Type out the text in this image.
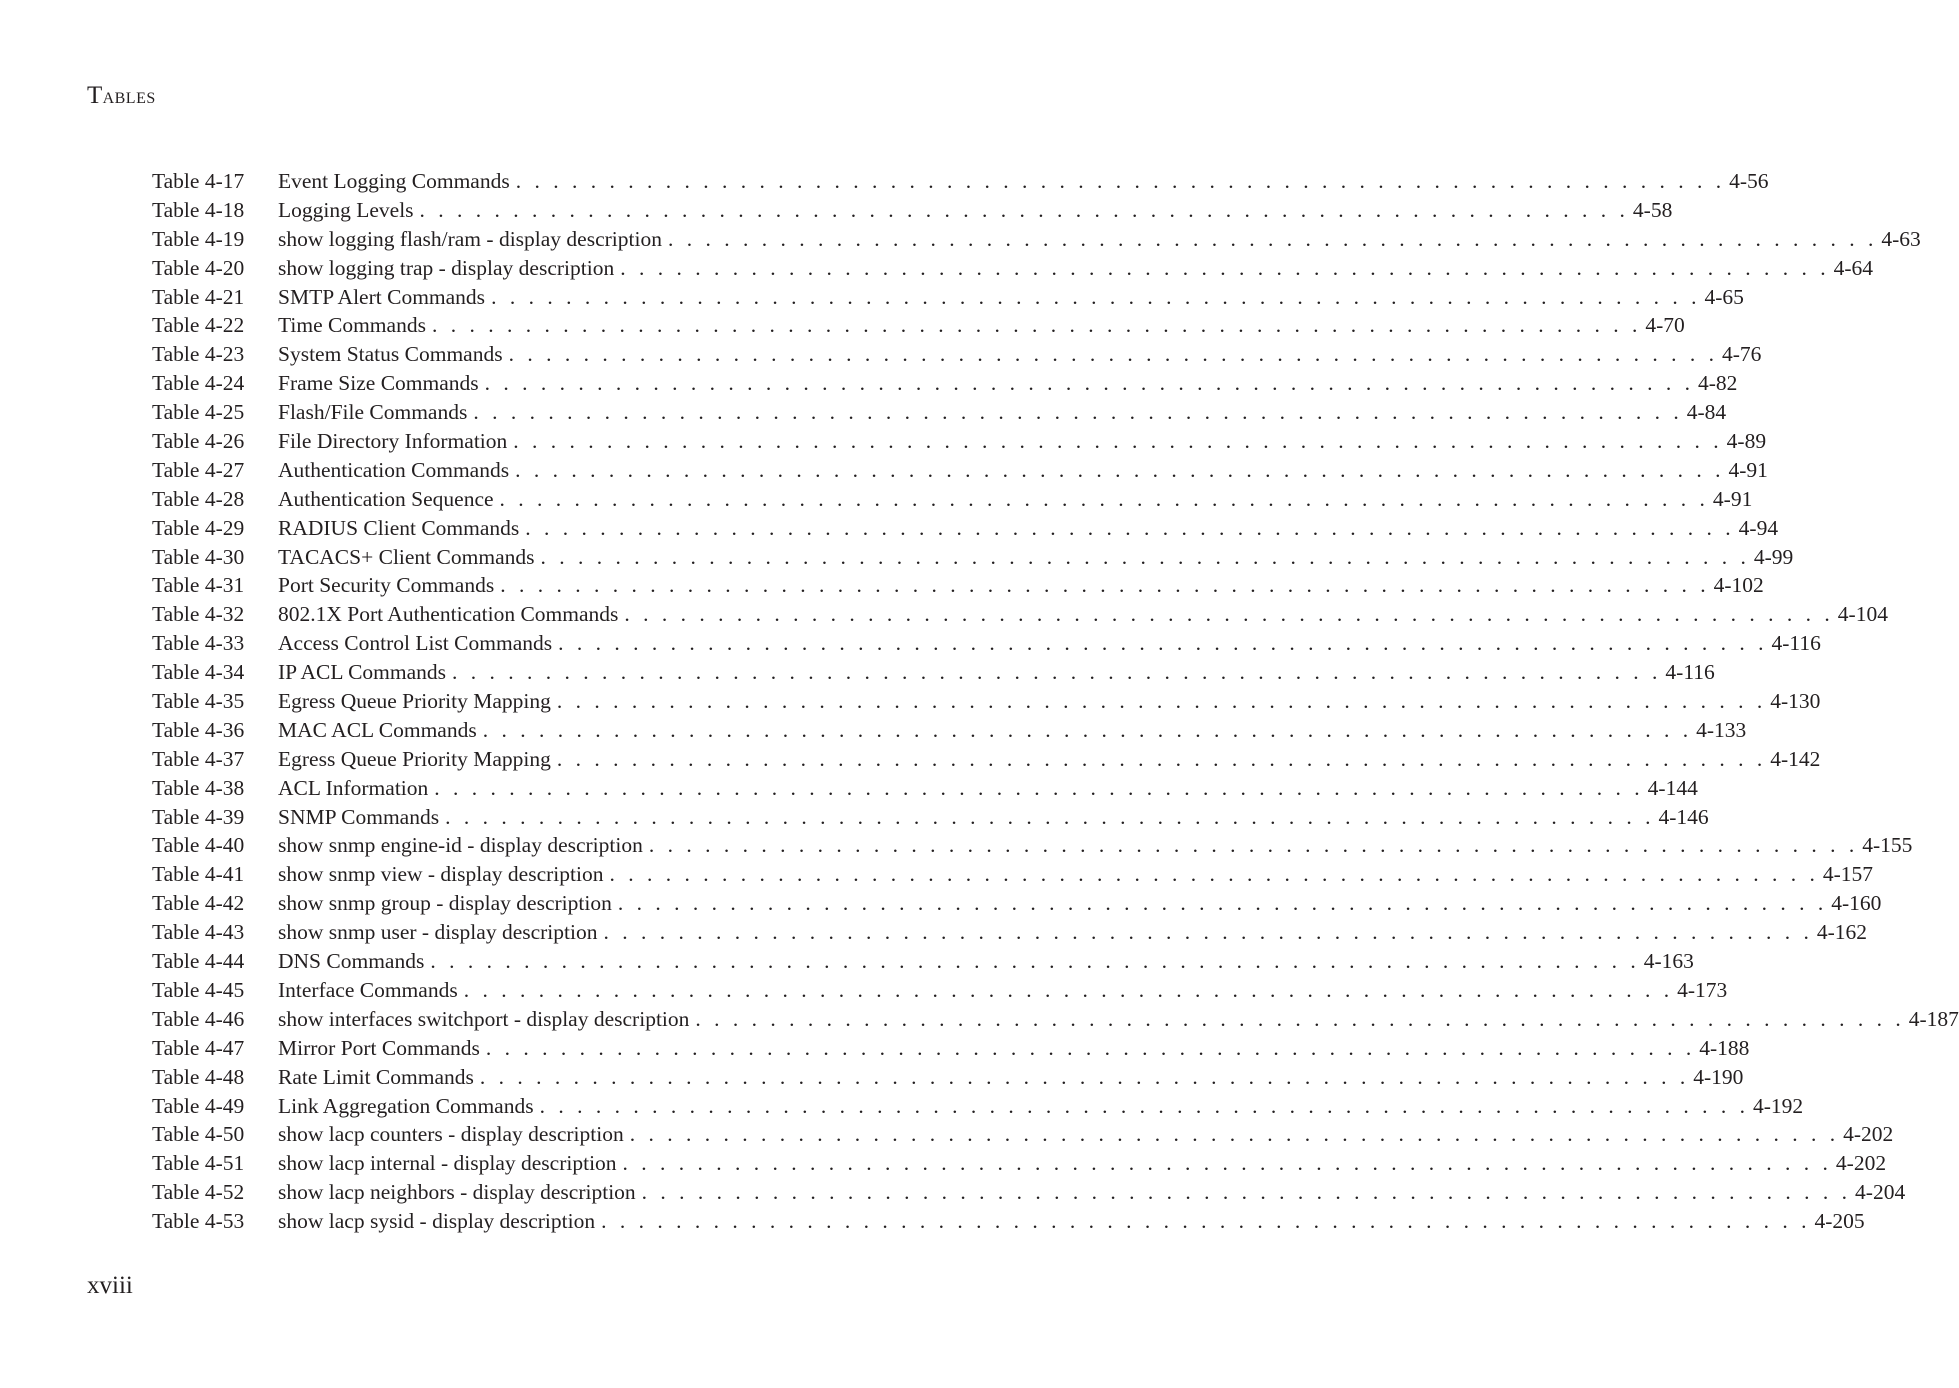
TABLES
Table 4-17	Event Logging Commands . . . . . . . . . . . . . . . . . . . . . . . . . . . . . . . . . . . . . . . . . . . . . . . . . . . . . . . . . . . . . . . . . 4-56
Table 4-18	Logging Levels . . . . . . . . . . . . . . . . . . . . . . . . . . . . . . . . . . . . . . . . . . . . . . . . . . . . . . . . . . . . . . . . . 4-58
Table 4-19	show logging flash/ram - display description . . . . . . . . . . . . . . . . . . . . . . . . . . . . . . . . . . . . . . . . . . . . . . . . . . . . . . . . . . . . . . . . . 4-63
Table 4-20	show logging trap - display description . . . . . . . . . . . . . . . . . . . . . . . . . . . . . . . . . . . . . . . . . . . . . . . . . . . . . . . . . . . . . . . . . 4-64
Table 4-21	SMTP Alert Commands . . . . . . . . . . . . . . . . . . . . . . . . . . . . . . . . . . . . . . . . . . . . . . . . . . . . . . . . . . . . . . . . . 4-65
Table 4-22	Time Commands . . . . . . . . . . . . . . . . . . . . . . . . . . . . . . . . . . . . . . . . . . . . . . . . . . . . . . . . . . . . . . . . . 4-70
Table 4-23	System Status Commands . . . . . . . . . . . . . . . . . . . . . . . . . . . . . . . . . . . . . . . . . . . . . . . . . . . . . . . . . . . . . . . . . 4-76
Table 4-24	Frame Size Commands . . . . . . . . . . . . . . . . . . . . . . . . . . . . . . . . . . . . . . . . . . . . . . . . . . . . . . . . . . . . . . . . . 4-82
Table 4-25	Flash/File Commands . . . . . . . . . . . . . . . . . . . . . . . . . . . . . . . . . . . . . . . . . . . . . . . . . . . . . . . . . . . . . . . . . 4-84
Table 4-26	File Directory Information . . . . . . . . . . . . . . . . . . . . . . . . . . . . . . . . . . . . . . . . . . . . . . . . . . . . . . . . . . . . . . . . . 4-89
Table 4-27	Authentication Commands . . . . . . . . . . . . . . . . . . . . . . . . . . . . . . . . . . . . . . . . . . . . . . . . . . . . . . . . . . . . . . . . . 4-91
Table 4-28	Authentication Sequence . . . . . . . . . . . . . . . . . . . . . . . . . . . . . . . . . . . . . . . . . . . . . . . . . . . . . . . . . . . . . . . . . 4-91
Table 4-29	RADIUS Client Commands . . . . . . . . . . . . . . . . . . . . . . . . . . . . . . . . . . . . . . . . . . . . . . . . . . . . . . . . . . . . . . . . . 4-94
Table 4-30	TACACS+ Client Commands . . . . . . . . . . . . . . . . . . . . . . . . . . . . . . . . . . . . . . . . . . . . . . . . . . . . . . . . . . . . . . . . . 4-99
Table 4-31	Port Security Commands . . . . . . . . . . . . . . . . . . . . . . . . . . . . . . . . . . . . . . . . . . . . . . . . . . . . . . . . . . . . . . . . . 4-102
Table 4-32	802.1X Port Authentication Commands . . . . . . . . . . . . . . . . . . . . . . . . . . . . . . . . . . . . . . . . . . . . . . . . . . . . . . . . . . . . . . . . . 4-104
Table 4-33	Access Control List Commands . . . . . . . . . . . . . . . . . . . . . . . . . . . . . . . . . . . . . . . . . . . . . . . . . . . . . . . . . . . . . . . . . 4-116
Table 4-34	IP ACL Commands . . . . . . . . . . . . . . . . . . . . . . . . . . . . . . . . . . . . . . . . . . . . . . . . . . . . . . . . . . . . . . . . . 4-116
Table 4-35	Egress Queue Priority Mapping . . . . . . . . . . . . . . . . . . . . . . . . . . . . . . . . . . . . . . . . . . . . . . . . . . . . . . . . . . . . . . . . . 4-130
Table 4-36	MAC ACL Commands . . . . . . . . . . . . . . . . . . . . . . . . . . . . . . . . . . . . . . . . . . . . . . . . . . . . . . . . . . . . . . . . . 4-133
Table 4-37	Egress Queue Priority Mapping . . . . . . . . . . . . . . . . . . . . . . . . . . . . . . . . . . . . . . . . . . . . . . . . . . . . . . . . . . . . . . . . . 4-142
Table 4-38	ACL Information . . . . . . . . . . . . . . . . . . . . . . . . . . . . . . . . . . . . . . . . . . . . . . . . . . . . . . . . . . . . . . . . . 4-144
Table 4-39	SNMP Commands . . . . . . . . . . . . . . . . . . . . . . . . . . . . . . . . . . . . . . . . . . . . . . . . . . . . . . . . . . . . . . . . . 4-146
Table 4-40	show snmp engine-id - display description . . . . . . . . . . . . . . . . . . . . . . . . . . . . . . . . . . . . . . . . . . . . . . . . . . . . . . . . . . . . . . . . . 4-155
Table 4-41	show snmp view - display description . . . . . . . . . . . . . . . . . . . . . . . . . . . . . . . . . . . . . . . . . . . . . . . . . . . . . . . . . . . . . . . . . 4-157
Table 4-42	show snmp group - display description . . . . . . . . . . . . . . . . . . . . . . . . . . . . . . . . . . . . . . . . . . . . . . . . . . . . . . . . . . . . . . . . . 4-160
Table 4-43	show snmp user - display description . . . . . . . . . . . . . . . . . . . . . . . . . . . . . . . . . . . . . . . . . . . . . . . . . . . . . . . . . . . . . . . . . 4-162
Table 4-44	DNS Commands . . . . . . . . . . . . . . . . . . . . . . . . . . . . . . . . . . . . . . . . . . . . . . . . . . . . . . . . . . . . . . . . . 4-163
Table 4-45	Interface Commands . . . . . . . . . . . . . . . . . . . . . . . . . . . . . . . . . . . . . . . . . . . . . . . . . . . . . . . . . . . . . . . . . 4-173
Table 4-46	show interfaces switchport - display description . . . . . . . . . . . . . . . . . . . . . . . . . . . . . . . . . . . . . . . . . . . . . . . . . . . . . . . . . . . . . . . . . 4-187
Table 4-47	Mirror Port Commands . . . . . . . . . . . . . . . . . . . . . . . . . . . . . . . . . . . . . . . . . . . . . . . . . . . . . . . . . . . . . . . . . 4-188
Table 4-48	Rate Limit Commands . . . . . . . . . . . . . . . . . . . . . . . . . . . . . . . . . . . . . . . . . . . . . . . . . . . . . . . . . . . . . . . . . 4-190
Table 4-49	Link Aggregation Commands . . . . . . . . . . . . . . . . . . . . . . . . . . . . . . . . . . . . . . . . . . . . . . . . . . . . . . . . . . . . . . . . . 4-192
Table 4-50	show lacp counters - display description . . . . . . . . . . . . . . . . . . . . . . . . . . . . . . . . . . . . . . . . . . . . . . . . . . . . . . . . . . . . . . . . . 4-202
Table 4-51	show lacp internal - display description . . . . . . . . . . . . . . . . . . . . . . . . . . . . . . . . . . . . . . . . . . . . . . . . . . . . . . . . . . . . . . . . . 4-202
Table 4-52	show lacp neighbors - display description . . . . . . . . . . . . . . . . . . . . . . . . . . . . . . . . . . . . . . . . . . . . . . . . . . . . . . . . . . . . . . . . . 4-204
Table 4-53	show lacp sysid - display description . . . . . . . . . . . . . . . . . . . . . . . . . . . . . . . . . . . . . . . . . . . . . . . . . . . . . . . . . . . . . . . . . 4-205
xviii
